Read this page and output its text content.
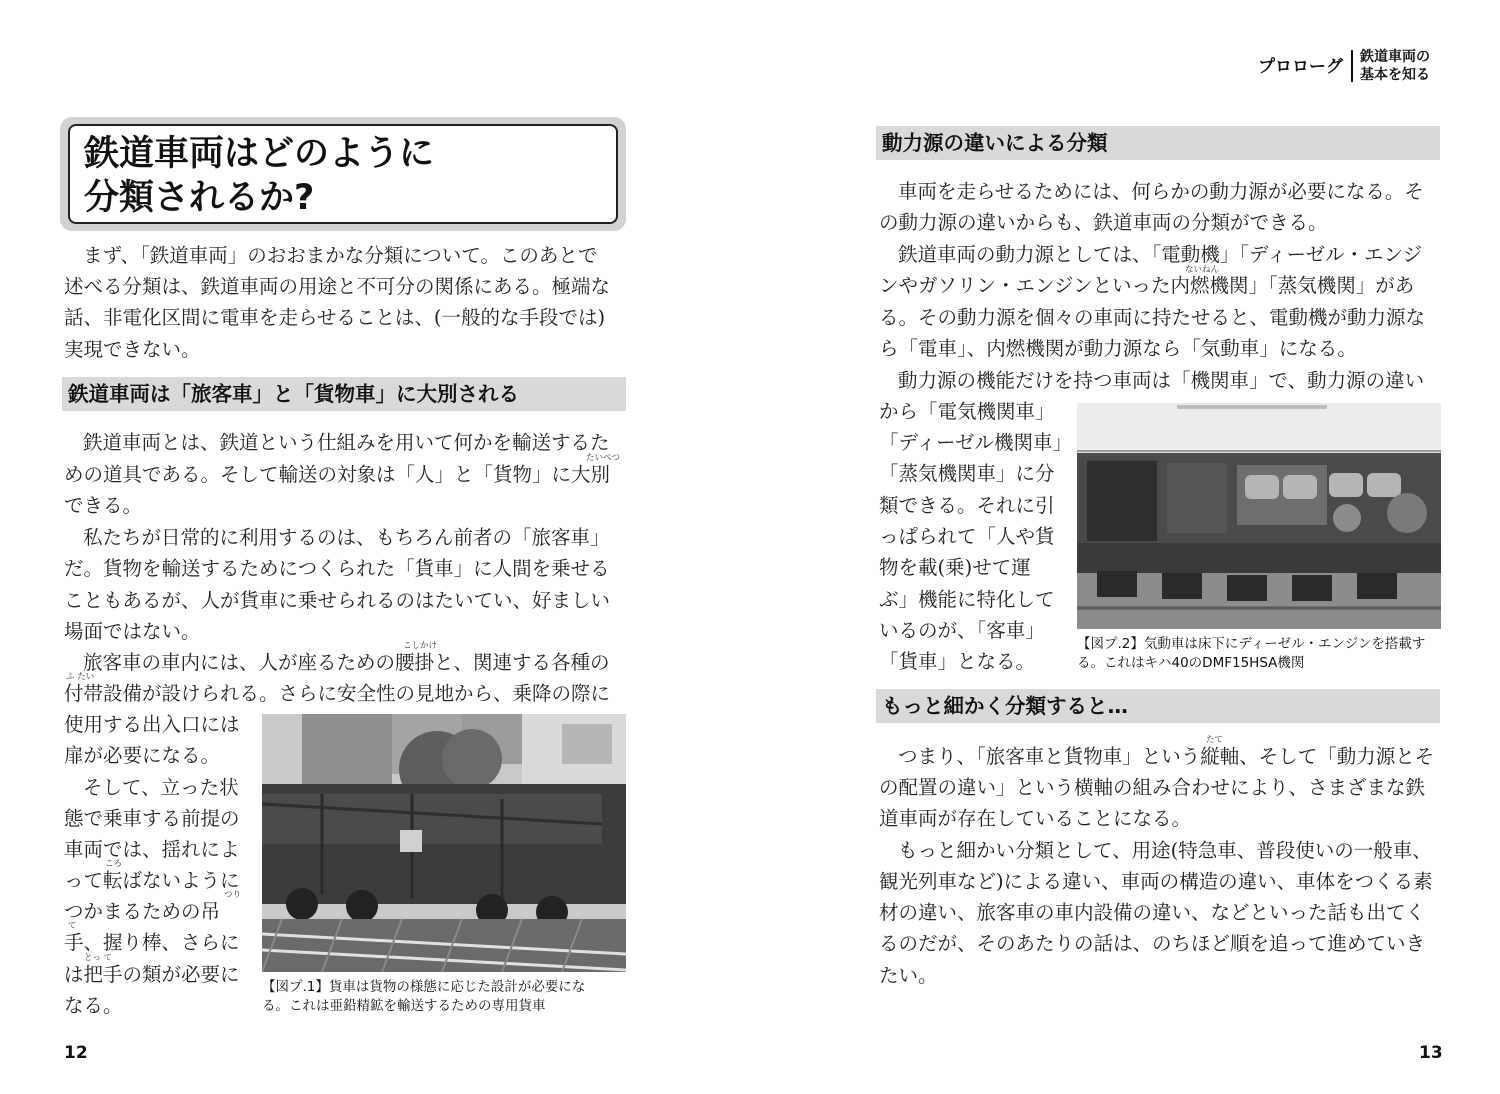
プロローグ 鉄道車両の
基本を知る
鉄道車両はどのように
分類されるか?
まず、「鉄道車両」のおおまかな分類について。このあとで
述べる分類は、鉄道車両の用途と不可分の関係にある。極端な
話、非電化区間に電車を走らせることは、(一般的な手段では)
実現できない。
鉄道車両は「旅客車」と「貨物車」に大別される
鉄道車両とは、鉄道という仕組みを用いて何かを輸送するた
たいべつ
めの道具である。そして輸送の対象は「人」と「貨物」に大別
できる。
私たちが日常的に利用するのは、もちろん前者の「旅客車」
だ。貨物を輸送するためにつくられた「貨車」に人間を乗せる
こともあるが、人が貨車に乗せられるのはたいてい、好ましい
場面ではない。
こしかけ
旅客車の車内には、人が座るための腰掛と、関連する各種の
ふ たい
付帯設備が設けられる。さらに安全性の見地から、乗降の際に
使用する出入口には
扉が必要になる。
そして、立った状
態で乗車する前提の
車両では、揺れによ
ころ
って転ばないように
つり
つかまるための吊
て
手、握り棒、さらに
とっ て
は把手の類が必要に
なる。
【図プ.1】貨車は貨物の様態に応じた設計が必要にな
る。これは亜鉛精鉱を輸送するための専用貨車
12
動力源の違いによる分類
車両を走らせるためには、何らかの動力源が必要になる。そ
の動力源の違いからも、鉄道車両の分類ができる。
鉄道車両の動力源としては、「電動機」「ディーゼル・エンジ
ないねん
ンやガソリン・エンジンといった内燃機関」「蒸気機関」があ
る。その動力源を個々の車両に持たせると、電動機が動力源な
ら「電車」、内燃機関が動力源なら「気動車」になる。
動力源の機能だけを持つ車両は「機関車」で、動力源の違い
から「電気機関車」
「ディーゼル機関車」
「蒸気機関車」に分
類できる。それに引
っぱられて「人や貨
物を載(乗)せて運
ぶ」機能に特化して
いるのが、「客車」
「貨車」となる。
【図プ.2】気動車は床下にディーゼル・エンジンを搭載す
る。これはキハ40のDMF15HSA機関
もっと細かく分類すると…
たて
つまり、「旅客車と貨物車」という縦軸、そして「動力源とそ
の配置の違い」という横軸の組み合わせにより、さまざまな鉄
道車両が存在していることになる。
もっと細かい分類として、用途(特急車、普段使いの一般車、
観光列車など)による違い、車両の構造の違い、車体をつくる素
材の違い、旅客車の車内設備の違い、などといった話も出てく
るのだが、そのあたりの話は、のちほど順を追って進めていき
たい。
13
